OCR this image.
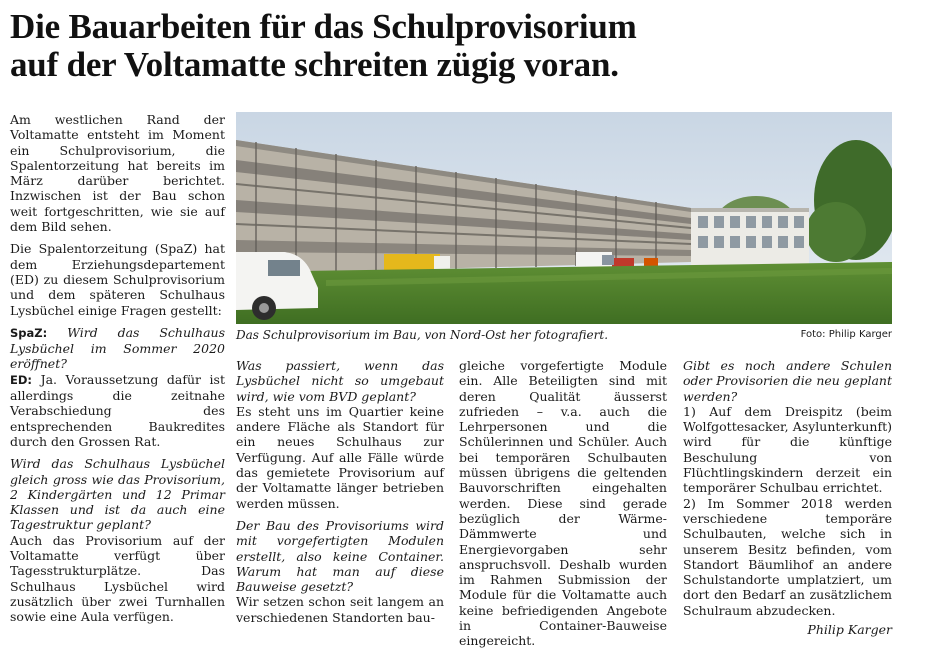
Die Bauarbeiten für das Schulprovisorium
auf der Voltamatte schreiten zügig voran.

Am westlichen Rand der Voltamatte entsteht im Moment ein Schulprovisorium, die Spalentorzeitung hat bereits im März darüber berichtet. Inzwischen ist der Bau schon weit fortgeschritten, wie sie auf dem Bild sehen.

Die Spalentorzeitung (SpaZ) hat dem Erziehungsdepartement (ED) zu diesem Schulprovisorium und dem späteren Schulhaus Lysbüchel einige Fragen gestellt:

SpaZ: Wird das Schulhaus Lysbüchel im Sommer 2020 eröffnet?

ED: Ja. Voraussetzung dafür ist allerdings die zeitnahe Verabschiedung des entsprechenden Baukredites durch den Grossen Rat.

Wird das Schulhaus Lysbüchel gleich gross wie das Provisorium, 2 Kindergärten und 12 Primar Klassen und ist da auch eine Tagestruktur geplant?

Auch das Provisorium auf der Voltamatte verfügt über Tagesstrukturplätze. Das Schulhaus Lysbüchel wird zusätzlich über zwei Turnhallen sowie eine Aula verfügen.

Das Schulprovisorium im Bau, von Nord-Ost her fotografiert.	Foto: Philip Karger

Was passiert, wenn das Lysbüchel nicht so umgebaut wird, wie vom BVD geplant?

Es steht uns im Quartier keine andere Fläche als Standort für ein neues Schulhaus zur Verfügung. Auf alle Fälle würde das gemietete Provisorium auf der Voltamatte länger betrieben werden müssen.

Der Bau des Provisoriums wird mit vorgefertigten Modulen erstellt, also keine Container. Warum hat man auf diese Bauweise gesetzt?

Wir setzen schon seit langem an verschiedenen Standorten bau-

gleiche vorgefertigte Module ein. Alle Beteiligten sind mit deren Qualität äusserst zufrieden – v.a. auch die Lehrpersonen und die Schülerinnen und Schüler. Auch bei temporären Schulbauten müssen übrigens die geltenden Bauvorschriften eingehalten werden. Diese sind gerade bezüglich der Wärme-Dämmwerte und Energievorgaben sehr anspruchsvoll. Deshalb wurden im Rahmen Submission der Module für die Voltamatte auch keine befriedigenden Angebote in Container-Bauweise eingereicht.

Gibt es noch andere Schulen oder Provisorien die neu geplant werden?

1) Auf dem Dreispitz (beim Wolfgottesacker, Asylunterkunft) wird für die künftige Beschulung von Flüchtlingskindern derzeit ein temporärer Schulbau errichtet.

2) Im Sommer 2018 werden verschiedene temporäre Schulbauten, welche sich in unserem Besitz befinden, vom Standort Bäumlihof an andere Schulstandorte umplatziert, um dort den Bedarf an zusätzlichem Schulraum abzudecken.

Philip Karger
